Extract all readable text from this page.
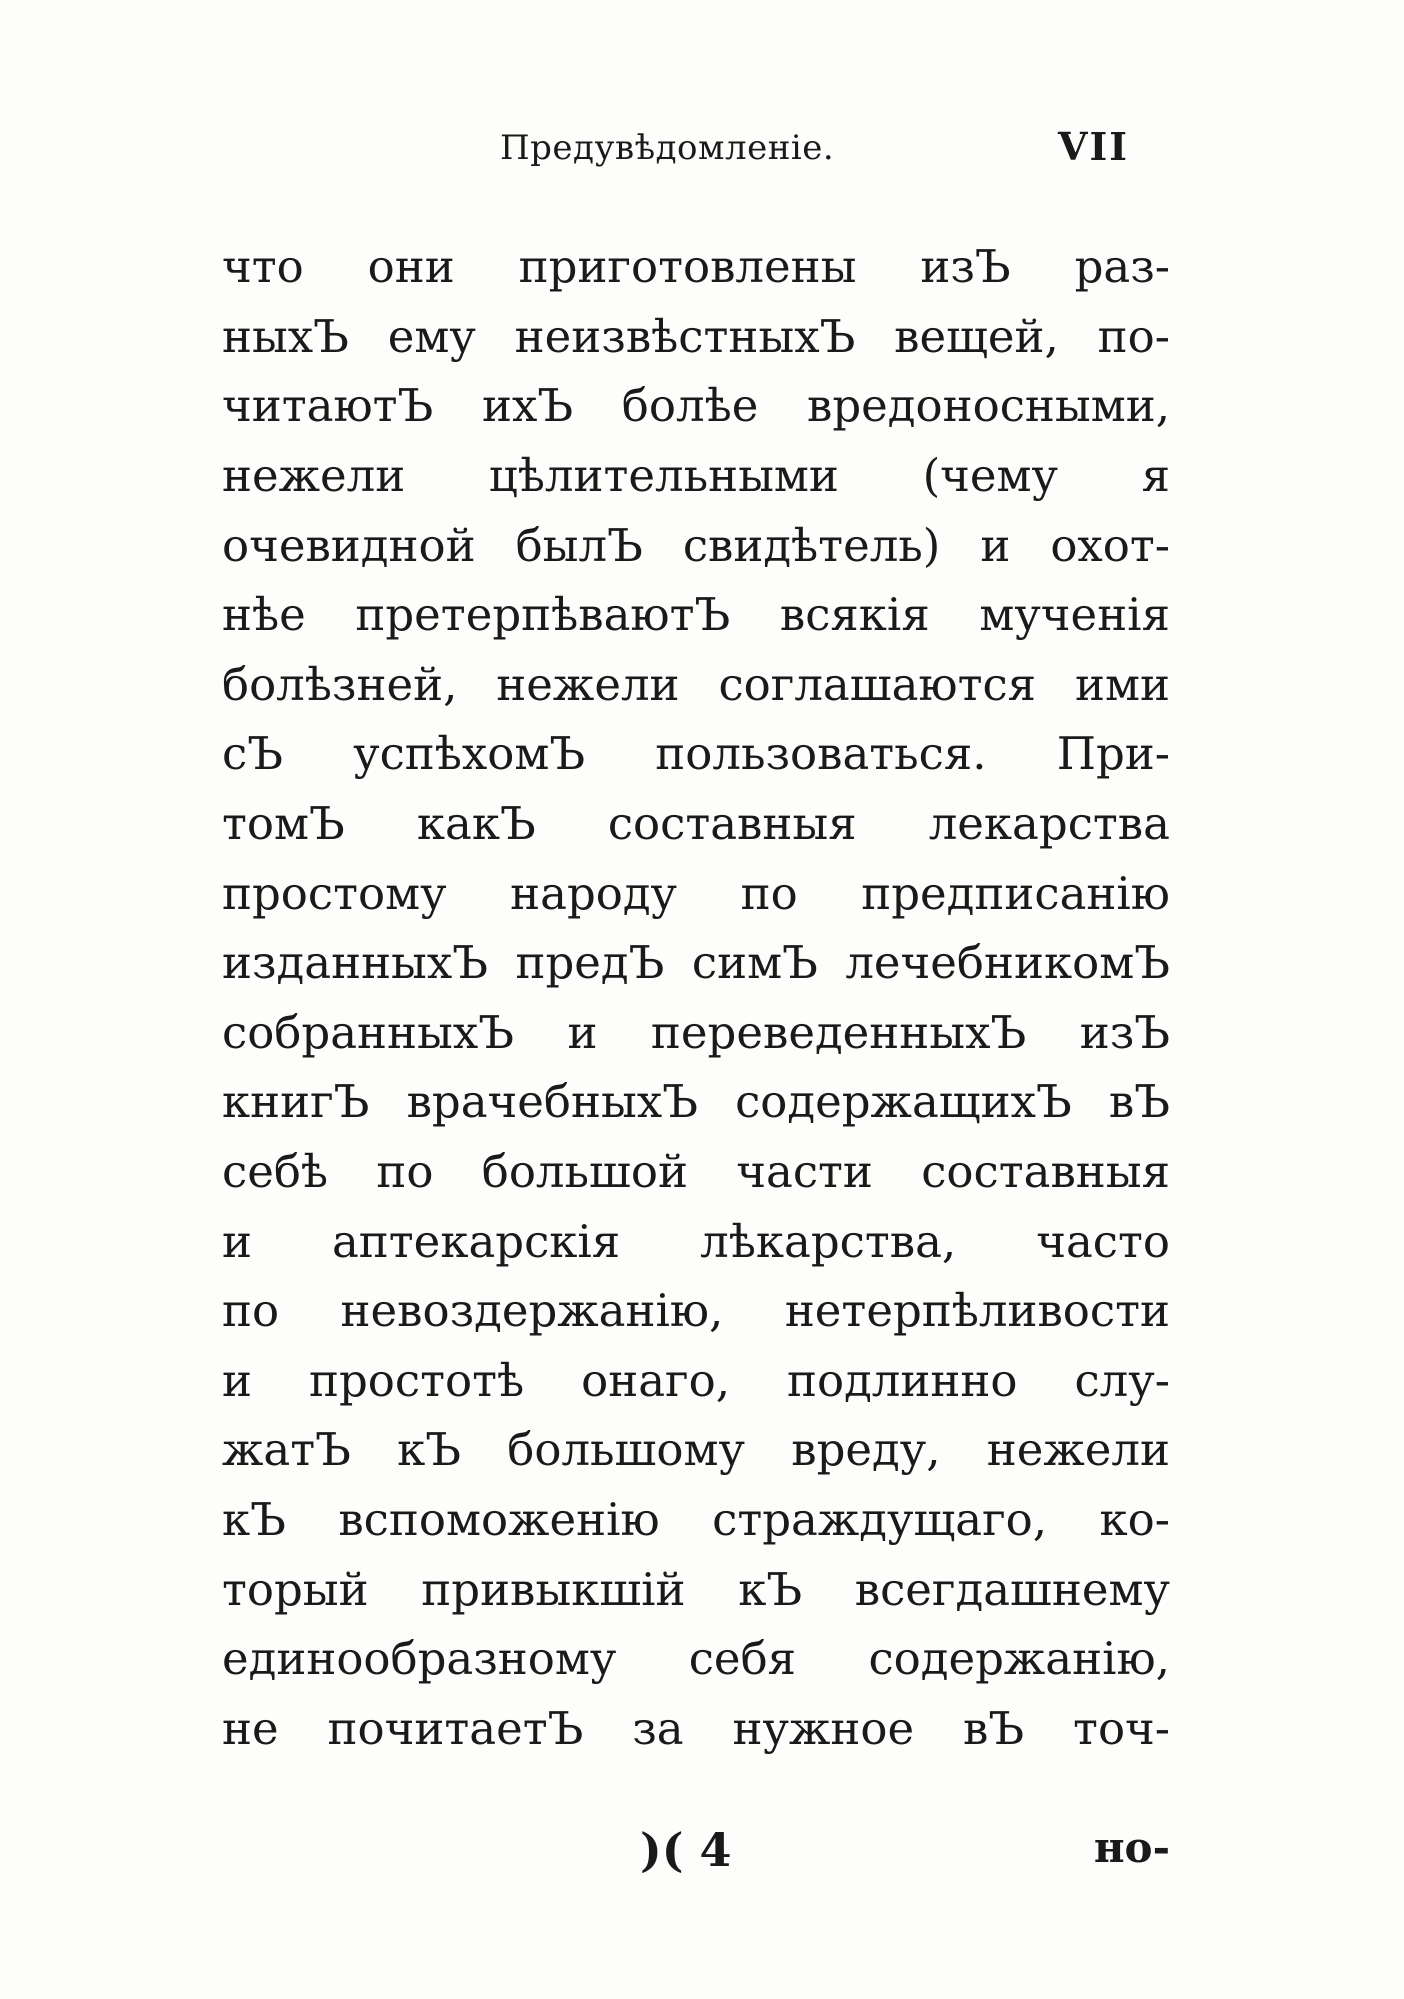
Предувѣдомленіе.	VII
что они приготовлены изЪ раз-
ныхЪ ему неизвѣстныхЪ вещей, по-
читаютЪ ихЪ болѣе вредоносными,
нежели цѣлительными (чему я
очевидной былЪ свидѣтель) и охот-
нѣе претерпѣваютЪ всякія мученія
болѣзней, нежели соглашаются ими
сЪ успѣхомЪ пользоваться. При-
томЪ какЪ составныя лекарства
простому народу по предписанію
изданныхЪ предЪ симЪ лечебникомЪ
собранныхЪ и переведенныхЪ изЪ
книгЪ врачебныхЪ содержащихЪ вЪ
себѣ по большой части составныя
и аптекарскія лѣкарства, часто
по невоздержанію, нетерпѣливости
и простотѣ онаго, подлинно слу-
жатЪ кЪ большому вреду, нежели
кЪ вспоможенію страждущаго, ко-
торый привыкшій кЪ всегдашнему
единообразному себя содержанію,
не почитаетЪ за нужное вЪ точ-
)( 4	но-
